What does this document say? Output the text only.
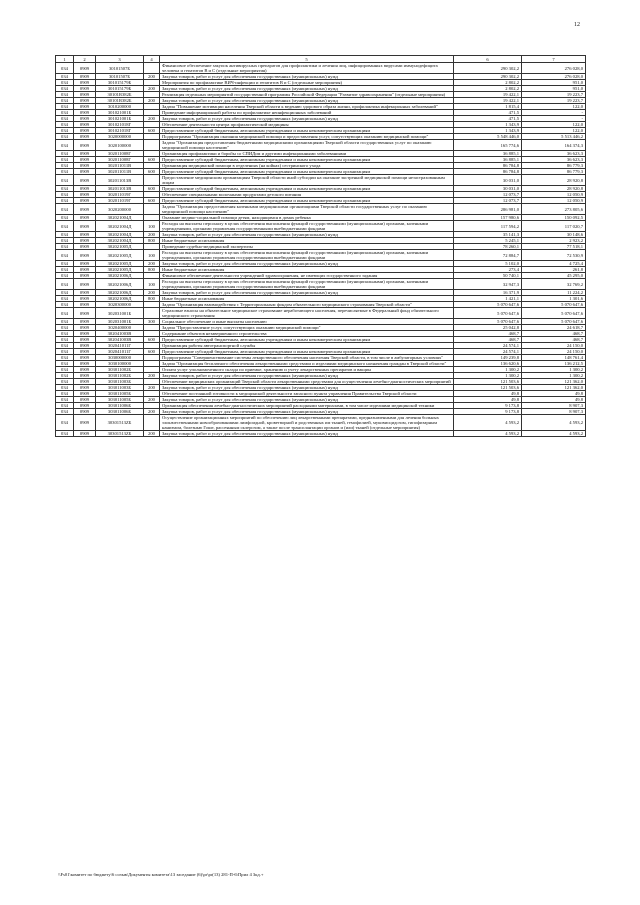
12
1	2	3	4	5	6	7
034	0909	30101507Б		Финансовое обеспечение закупок антивирусных препаратов для профилактики и лечения лиц, инфицированных вирусами иммунодефицита человека и гепатитов В и С (отдельные мероприятия)	290 302,2	276 028,0
034	0909	30101507Б	200	Закупка товаров, работ и услуг для обеспечения государственных (муниципальных) нужд	290 302,2	276 028,0
034	0909	301015179Б		Мероприятия по профилактике ВИЧ-инфекции и гепатитов В и С (отдельные мероприятия)	2 802,2	951,0
034	0909	301015179Б	200	Закупка товаров, работ и услуг для обеспечения государственных (муниципальных) нужд	2 802,2	951,0
034	0909	30101R382Б		Реализация отдельных мероприятий государственной программы Российской Федерации "Развитие здравоохранения" (отдельные мероприятия)	19 422,1	19 223,7
034	0909	30101R382Б	200	Закупка товаров, работ и услуг для обеспечения государственных (муниципальных) нужд	19 422,1	19 223,7
034	0909	3010200000		Задача "Повышение мотивации населения Тверской области к ведению здорового образа жизни, профилактика инфекционных заболеваний"	1 815,4	122,0
034	0909	301021001Б		Проведение информационной работы по профилактике неинфекционных заболеваний	471,5	-
034	0909	301021001Б	200	Закупка товаров, работ и услуг для обеспечения государственных (муниципальных) нужд	471,5	-
034	0909	301021018Г		Обеспечение деятельности центра профилактической медицины	1 343,9	122,0
034	0909	301021018Г	600	Предоставление субсидий бюджетным, автономным учреждениям и иным некоммерческим организациям	1 343,9	122,0
034	0909	3020000000		Подпрограмма "Организация оказания медицинской помощи и предоставления услуг, сопутствующих оказанию медицинской помощи"	5 548 446,0	5 513 446,2
034	0909	3020100000		Задача "Организация предоставления бюджетными медицинскими организациями Тверской области государственных услуг по оказанию медицинской помощи населению"	165 774,6	164 374,3
034	0909	302011008Г		Организация профилактики и борьбы со СПИДом и другими инфекционными заболеваниями	36 885,1	36 623,3
034	0909	302011008Г	600	Предоставление субсидий бюджетным, автономным учреждениям и иным некоммерческим организациям	36 885,1	36 623,3
034	0909	302011011В		Организация медицинской помощи в отделениях (на койках) сестринского ухода	86 784,8	86 779,3
034	0909	302011011В	600	Предоставление субсидий бюджетным, автономным учреждениям и иным некоммерческим организациям	86 784,8	86 779,3
034	0909	302011013В		Предоставление медицинским организациям Тверской области иной субсидии на оказание экстренной медицинской помощи незастрахованным лицам	30 031,0	28 920,8
034	0909	302011013В	600	Предоставление субсидий бюджетным, автономным учреждениям и иным некоммерческим организациям	30 031,0	28 920,8
034	0909	302011019Г		Обеспечение специальными молочными продуктами детского питания	12 073,7	12 050,9
034	0909	302011019Г	600	Предоставление субсидий бюджетным, автономным учреждениям и иным некоммерческим организациям	12 073,7	12 050,9
034	0909	3020200000		Задача "Организация предоставления казенными медицинскими организациями Тверской области государственных услуг по оказанию медицинской помощи населению"	286 981,0	273 805,6
034	0909	302021004Д		Оказание медико-социальной помощи детям, находящимся в домах ребенка	157 980,6	150 092,5
034	0909	302021004Д	100	Расходы на выплаты персоналу в целях обеспечения выполнения функций государственными (муниципальными) органами, казенными учреждениями, органами управления государственными внебюджетными фондами	117 594,2	117 020,7
034	0909	302021004Д	200	Закупка товаров, работ и услуг для обеспечения государственных (муниципальных) нужд	35 141,3	30 148,6
034	0909	302021004Д	800	Иные бюджетные ассигнования	5 245,1	2 923,2
034	0909	302021005Д		Проведение судебно-медицинской экспертизы	78 260,1	77 518,1
034	0909	302021005Д	100	Расходы на выплаты персоналу в целях обеспечения выполнения функций государственными (муниципальными) органами, казенными учреждениями, органами управления государственными внебюджетными фондами	72 884,7	72 530,9
034	0909	302021005Д	200	Закупка товаров, работ и услуг для обеспечения государственных (муниципальных) нужд	5 102,0	4 725,4
034	0909	302021005Д	800	Иные бюджетные ассигнования	273,4	261,8
034	0909	302021006Д		Финансовое обеспечение деятельности учреждений здравоохранения, не имеющих государственного задания	50 740,1	45 295,0
034	0909	302021006Д	100	Расходы на выплаты персоналу в целях обеспечения выполнения функций государственными (муниципальными) органами, казенными учреждениями, органами управления государственными внебюджетными фондами	32 947,3	32 769,2
034	0909	302021006Д	200	Закупка товаров, работ и услуг для обеспечения государственных (муниципальных) нужд	16 371,9	11 224,2
034	0909	302021006Д	800	Иные бюджетные ассигнования	1 421,1	1 301,6
034	0909	3020300000		Задача "Организация взаимодействия с Территориальным фондом обязательного медицинского страхования Тверской области"	5 070 647,6	5 070 647,6
034	0909	302031001Б		Страховые взносы на обязательное медицинское страхование неработающего населения, перечисляемые в Федеральный фонд обязательного медицинского страхования	5 070 647,6	5 070 647,6
034	0909	302031001Б	300	Социальное обеспечение и иные выплаты населению	5 070 647,6	5 070 647,6
034	0909	3020400000		Задача "Предоставление услуг, сопутствующих оказанию медицинской помощи"	25 042,8	24 618,7
034	0909	302041003В		Содержание объектов незавершенного строительства	468,7	468,7
034	0909	302041003В	600	Предоставление субсидий бюджетным, автономным учреждениям и иным некоммерческим организациям	468,7	468,7
034	0909	302041011Г		Организация работы автотранспортной службы	24 574,1	24 150,0
034	0909	302041011Г	600	Предоставление субсидий бюджетным, автономным учреждениям и иным некоммерческим организациям	24 574,1	24 150,0
034	0909	3030000000		Подпрограмма "Совершенствование системы лекарственного обеспечения населения Тверской области, в том числе в амбулаторных условиях"	149 239,8	148 761,4
034	0909	3030100000		Задача "Организация бесплатного обеспечения лекарственными средствами и изделиями медицинского назначения граждан в Тверской области"	136 620,6	136 212,5
034	0909	303011002Б		Оплата услуг уполномоченного склада по приемке, хранению и учету лекарственных препаратов и вакцин	1 300,2	1 300,2
034	0909	303011002Б	200	Закупка товаров, работ и услуг для обеспечения государственных (муниципальных) нужд	1 300,2	1 300,2
034	0909	303011003Б		Обеспечение медицинских организаций Тверской области лекарственными средствами для осуществления лечебно-диагностических мероприятий	121 503,6	121 362,0
034	0909	303011003Б	200	Закупка товаров, работ и услуг для обеспечения государственных (муниципальных) нужд	121 503,6	121 362,0
034	0909	303011005Б		Обеспечение постоянной готовности к медицинской деятельности запасного пункта управления Правительства Тверской области	49,8	49,8
034	0909	303011005Б	200	Закупка товаров, работ и услуг для обеспечения государственных (муниципальных) нужд	49,8	49,8
034	0909	303011006Б		Организация обеспечения лечебно-диагностических мероприятий расходными материалами, в том числе изделиями медицинской техники	9 173,8	8 907,3
034	0909	303011006Б	200	Закупка товаров, работ и услуг для обеспечения государственных (муниципальных) нужд	9 173,8	8 907,3
034	0909	30301513ZБ		Осуществление организационных мероприятий по обеспечению лиц лекарственными препаратами, предназначенными для лечения больных злокачественными новообразованиями лимфоидной, кроветворной и родственных им тканей, гемофилией, муковисцидозом, гипофизарным нанизмом, болезнью Гоше, рассеянным склерозом, а также после трансплантации органов и (или) тканей (отдельные мероприятия)	4 593,2	4 593,2
034	0909	30301513ZБ	200	Закупка товаров, работ и услуг для обеспечения государственных (муниципальных) нужд	4 593,2	4 593,2
\\Fs01\комитет по бюджету\6 созыв\Документы комитета\13 заседание (6)\pr\pr(13) 281-П-6\Прил 4 3кд.+
